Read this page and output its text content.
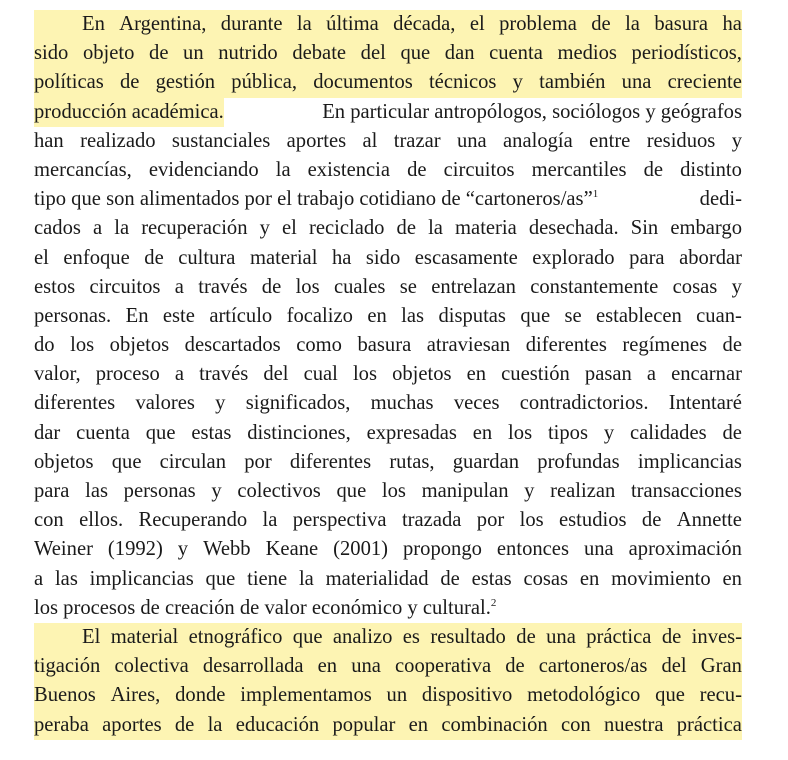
En Argentina, durante la última década, el problema de la basura ha
sido objeto de un nutrido debate del que dan cuenta medios periodísticos,
políticas de gestión pública, documentos técnicos y también una creciente
producción académica.	En particular antropólogos, sociólogos y geógrafos
han realizado sustanciales aportes al trazar una analogía entre residuos y
mercancías, evidenciando la existencia de circuitos mercantiles de distinto
tipo que son alimentados por el trabajo cotidiano de “cartoneros/as”$^1$	dedi-
cados a la recuperación y el reciclado de la materia desechada. Sin embargo
el enfoque de cultura material ha sido escasamente explorado para abordar
estos circuitos a través de los cuales se entrelazan constantemente cosas y
personas. En este artículo focalizo en las disputas que se establecen cuan-
do los objetos descartados como basura atraviesan diferentes regímenes de
valor, proceso a través del cual los objetos en cuestión pasan a encarnar
diferentes valores y significados, muchas veces contradictorios. Intentaré
dar cuenta que estas distinciones, expresadas en los tipos y calidades de
objetos que circulan por diferentes rutas, guardan profundas implicancias
para las personas y colectivos que los manipulan y realizan transacciones
con ellos. Recuperando la perspectiva trazada por los estudios de Annette
Weiner (1992) y Webb Keane (2001) propongo entonces una aproximación
a las implicancias que tiene la materialidad de estas cosas en movimiento en
los procesos de creación de valor económico y cultural.$^2$
El material etnográfico que analizo es resultado de una práctica de inves-
tigación colectiva desarrollada en una cooperativa de cartoneros/as del Gran
Buenos Aires, donde implementamos un dispositivo metodológico que recu-
peraba aportes de la educación popular en combinación con nuestra práctica
